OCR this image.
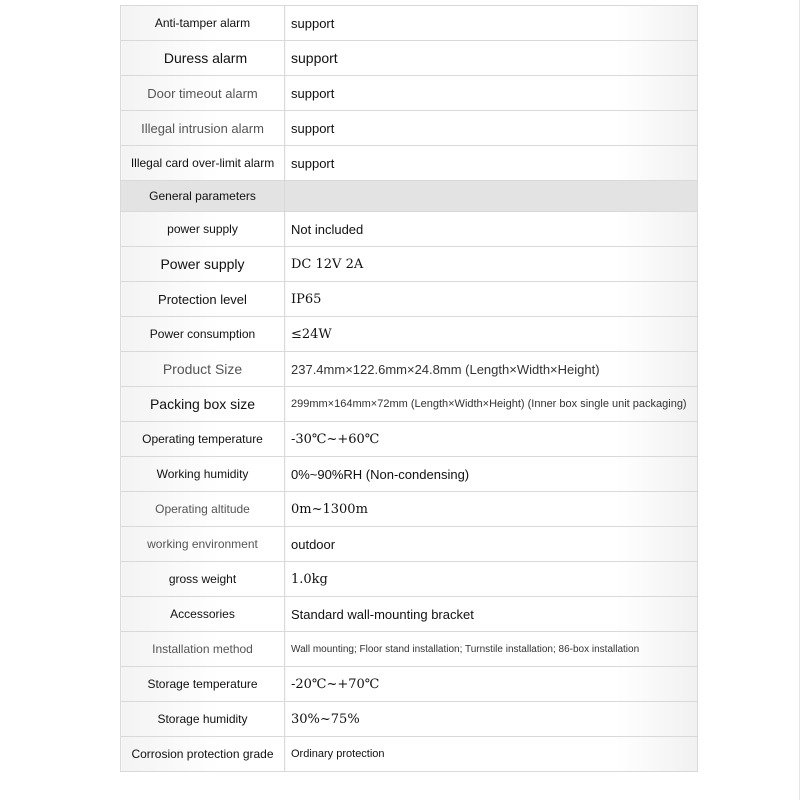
Anti-tamper alarm	support
Duress alarm	support
Door timeout alarm	support
Illegal intrusion alarm	support
Illegal card over-limit alarm	support
General parameters	
power supply	Not included
Power supply	DC 12V 2A
Protection level	IP65
Power consumption	≤24W
Product Size	237.4mm×122.6mm×24.8mm (Length×Width×Height)
Packing box size	299mm×164mm×72mm (Length×Width×Height) (Inner box single unit packaging)
Operating temperature	-30℃~+60℃
Working humidity	0%~90%RH (Non-condensing)
Operating altitude	0m~1300m
working environment	outdoor
gross weight	1.0kg
Accessories	Standard wall-mounting bracket
Installation method	Wall mounting; Floor stand installation; Turnstile installation; 86-box installation
Storage temperature	-20℃~+70℃
Storage humidity	30%~75%
Corrosion protection grade	Ordinary protection
